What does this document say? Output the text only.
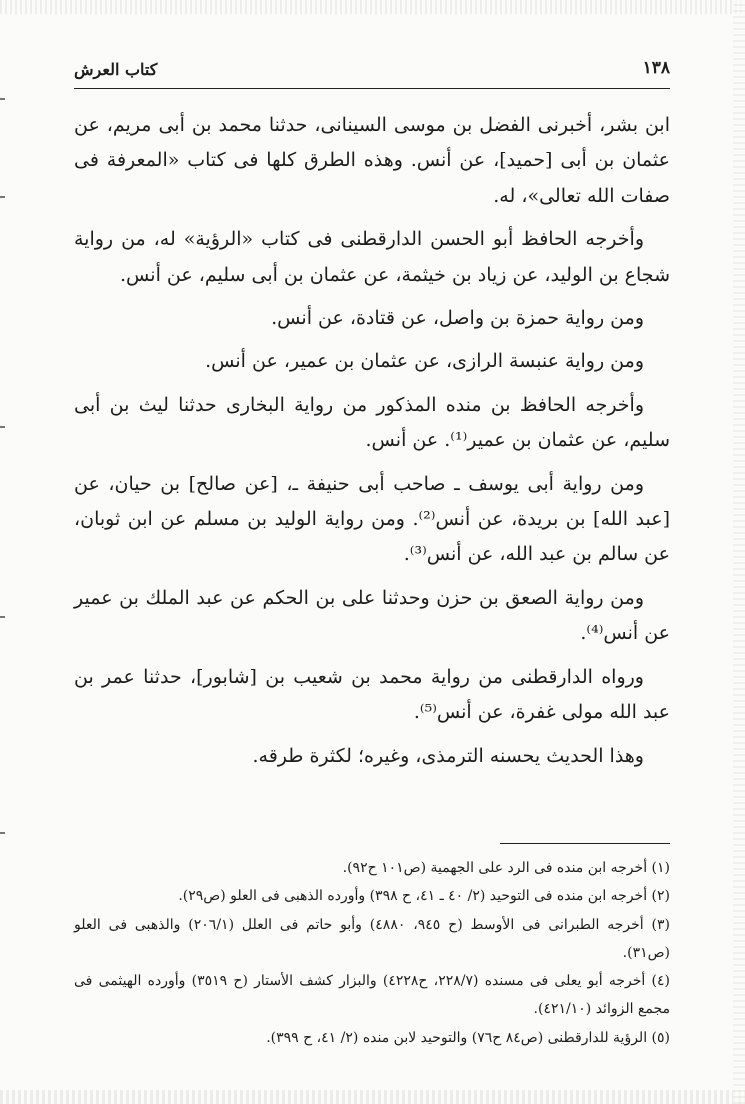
١٣٨
كتاب العرش

ابن بشر، أخبرنى الفضل بن موسى السينانى، حدثنا محمد بن أبى مريم، عن عثمان بن أبى [حميد]، عن أنس. وهذه الطرق كلها فى كتاب «المعرفة فى صفات الله تعالى»، له.

وأخرجه الحافظ أبو الحسن الدارقطنى فى كتاب «الرؤية» له، من رواية شجاع بن الوليد، عن زياد بن خيثمة، عن عثمان بن أبى سليم، عن أنس.

ومن رواية حمزة بن واصل، عن قتادة، عن أنس.

ومن رواية عنبسة الرازى، عن عثمان بن عمير، عن أنس.

وأخرجه الحافظ بن منده المذكور من رواية البخارى حدثنا ليث بن أبى سليم، عن عثمان بن عمير⁽¹⁾. عن أنس.

ومن رواية أبى يوسف ـ صاحب أبى حنيفة ـ، [عن صالح] بن حيان، عن [عبد الله] بن بريدة، عن أنس⁽²⁾. ومن رواية الوليد بن مسلم عن ابن ثوبان، عن سالم بن عبد الله، عن أنس⁽³⁾.

ومن رواية الصعق بن حزن وحدثنا على بن الحكم عن عبد الملك بن عمير عن أنس⁽⁴⁾.

ورواه الدارقطنى من رواية محمد بن شعيب بن [شابور]، حدثنا عمر بن عبد الله مولى غفرة، عن أنس⁽⁵⁾.

وهذا الحديث يحسنه الترمذى، وغيره؛ لكثرة طرقه.

(١) أخرجه ابن منده فى الرد على الجهمية (ص١٠١ ح٩٢).
(٢) أخرجه ابن منده فى التوحيد (٢/ ٤٠ ـ ٤١، ح ٣٩٨) وأورده الذهبى فى العلو (ص٢٩).
(٣) أخرجه الطبرانى فى الأوسط (ح ٩٤٥، ٤٨٨٠) وأبو حاتم فى العلل (٢٠٦/١) والذهبى فى العلو (ص٣١).
(٤) أخرجه أبو يعلى فى مسنده (٢٢٨/٧، ح٤٢٢٨) والبزار كشف الأستار (ح ٣٥١٩) وأورده الهيثمى فى مجمع الزوائد (٤٢١/١٠).
(٥) الرؤية للدارقطنى (ص٨٤ ح٧٦) والتوحيد لابن منده (٢/ ٤١، ح ٣٩٩).
